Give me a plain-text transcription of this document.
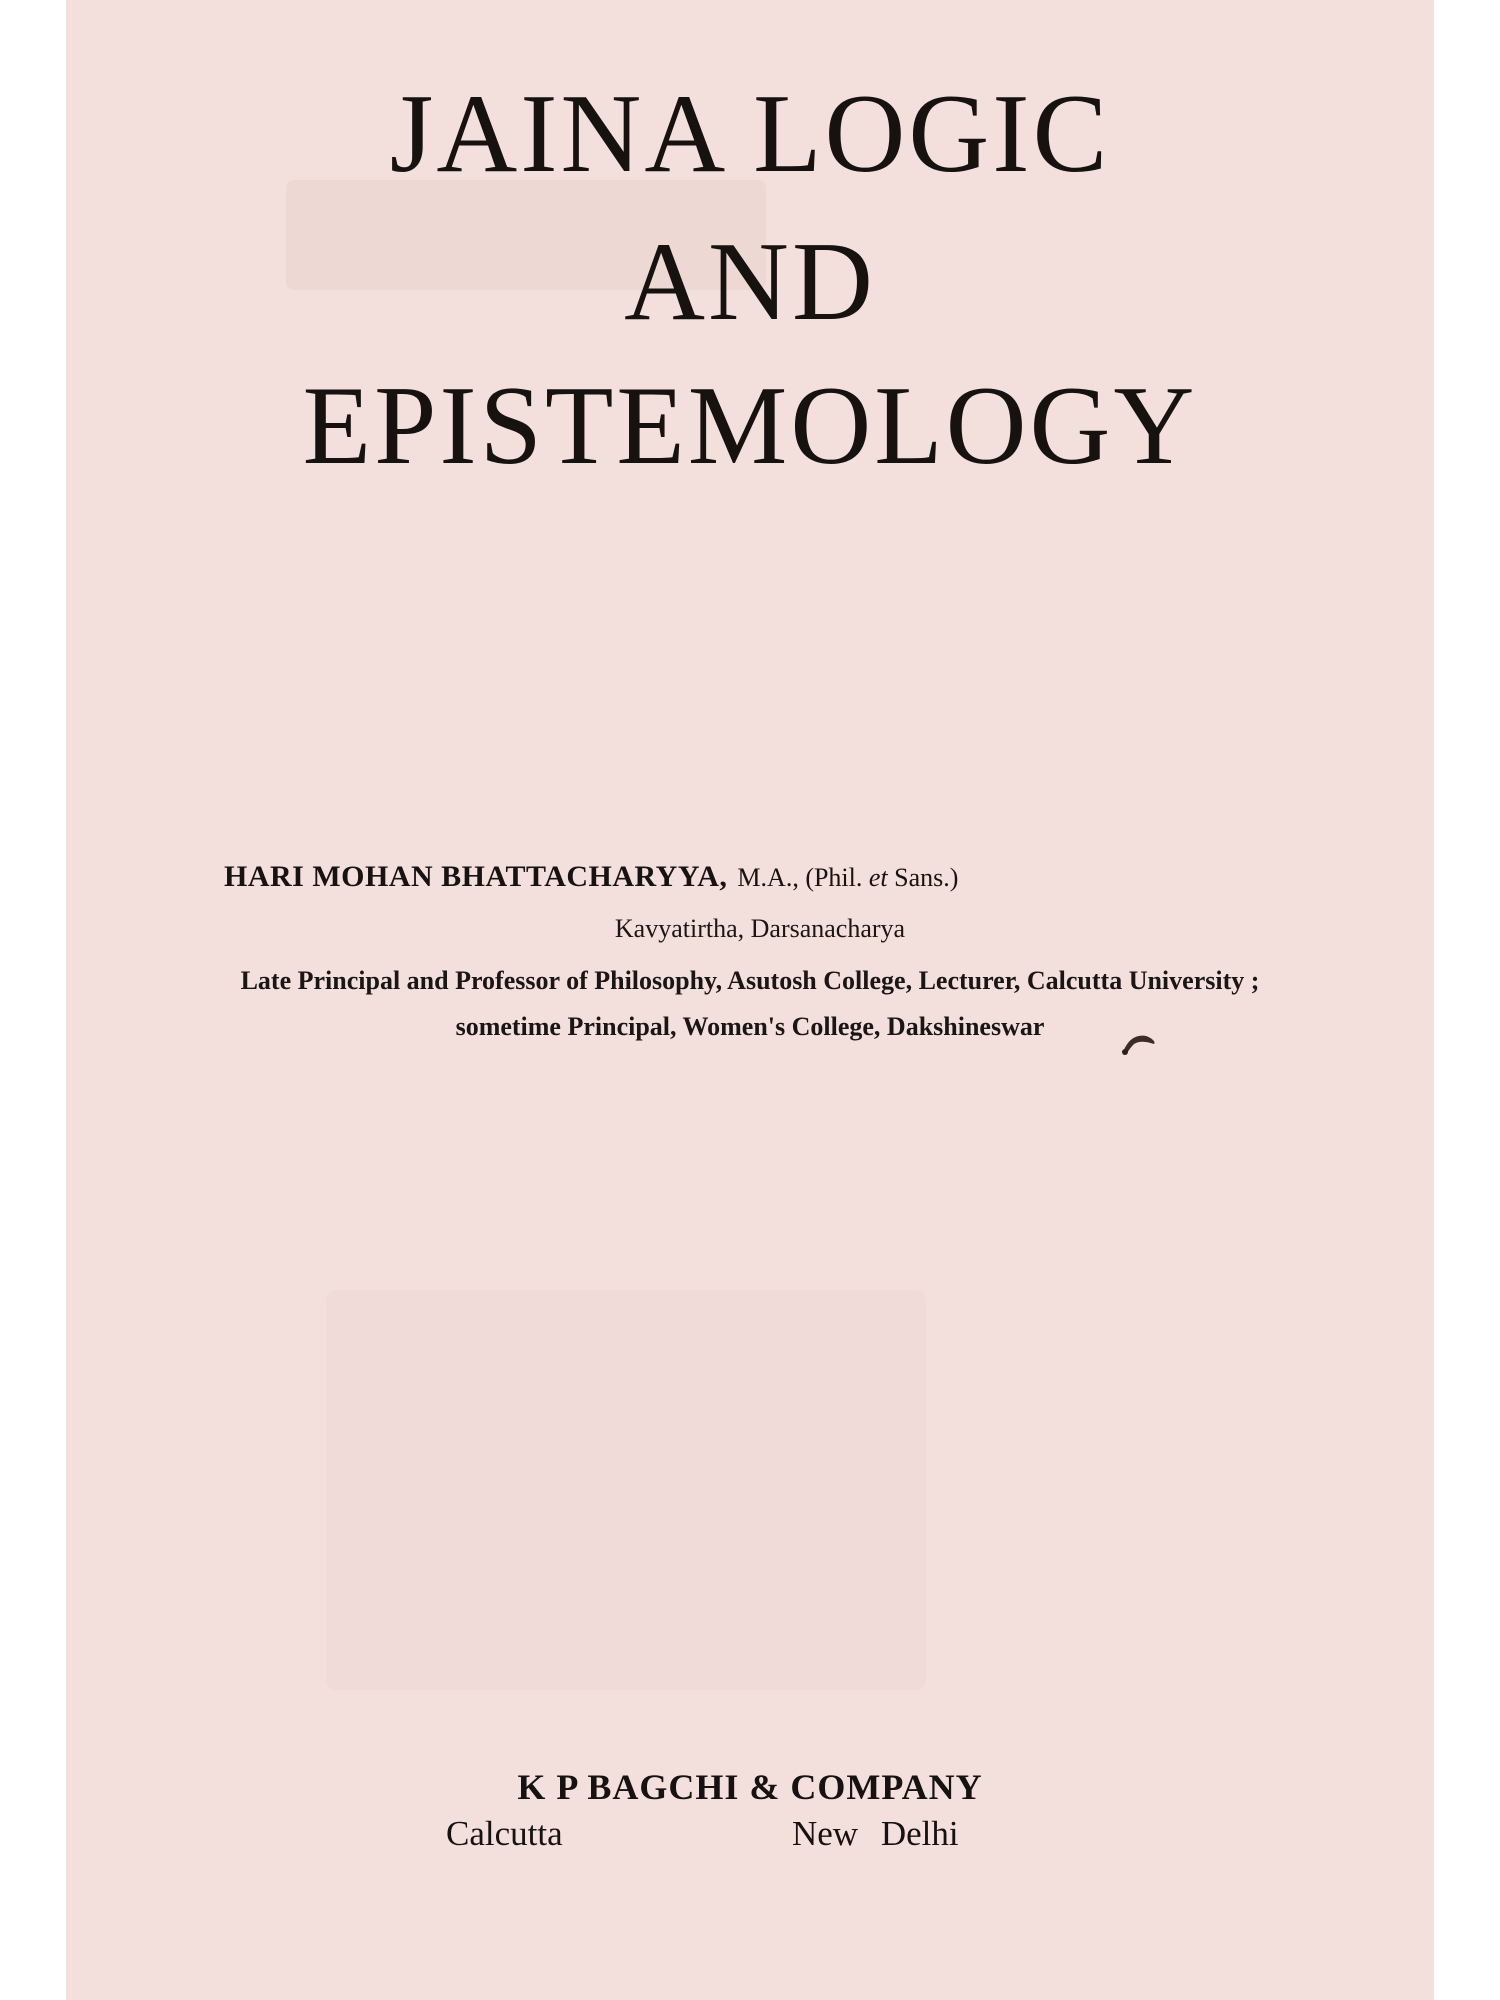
JAINA LOGIC
AND
EPISTEMOLOGY
HARI MOHAN BHATTACHARYYA, M.A., (Phil. et Sans.)
Kavyatirtha, Darsanacharya
Late Principal and Professor of Philosophy, Asutosh College, Lecturer, Calcutta University ;
sometime Principal, Women's College, Dakshineswar
K P BAGCHI & COMPANY
Calcutta	New Delhi
